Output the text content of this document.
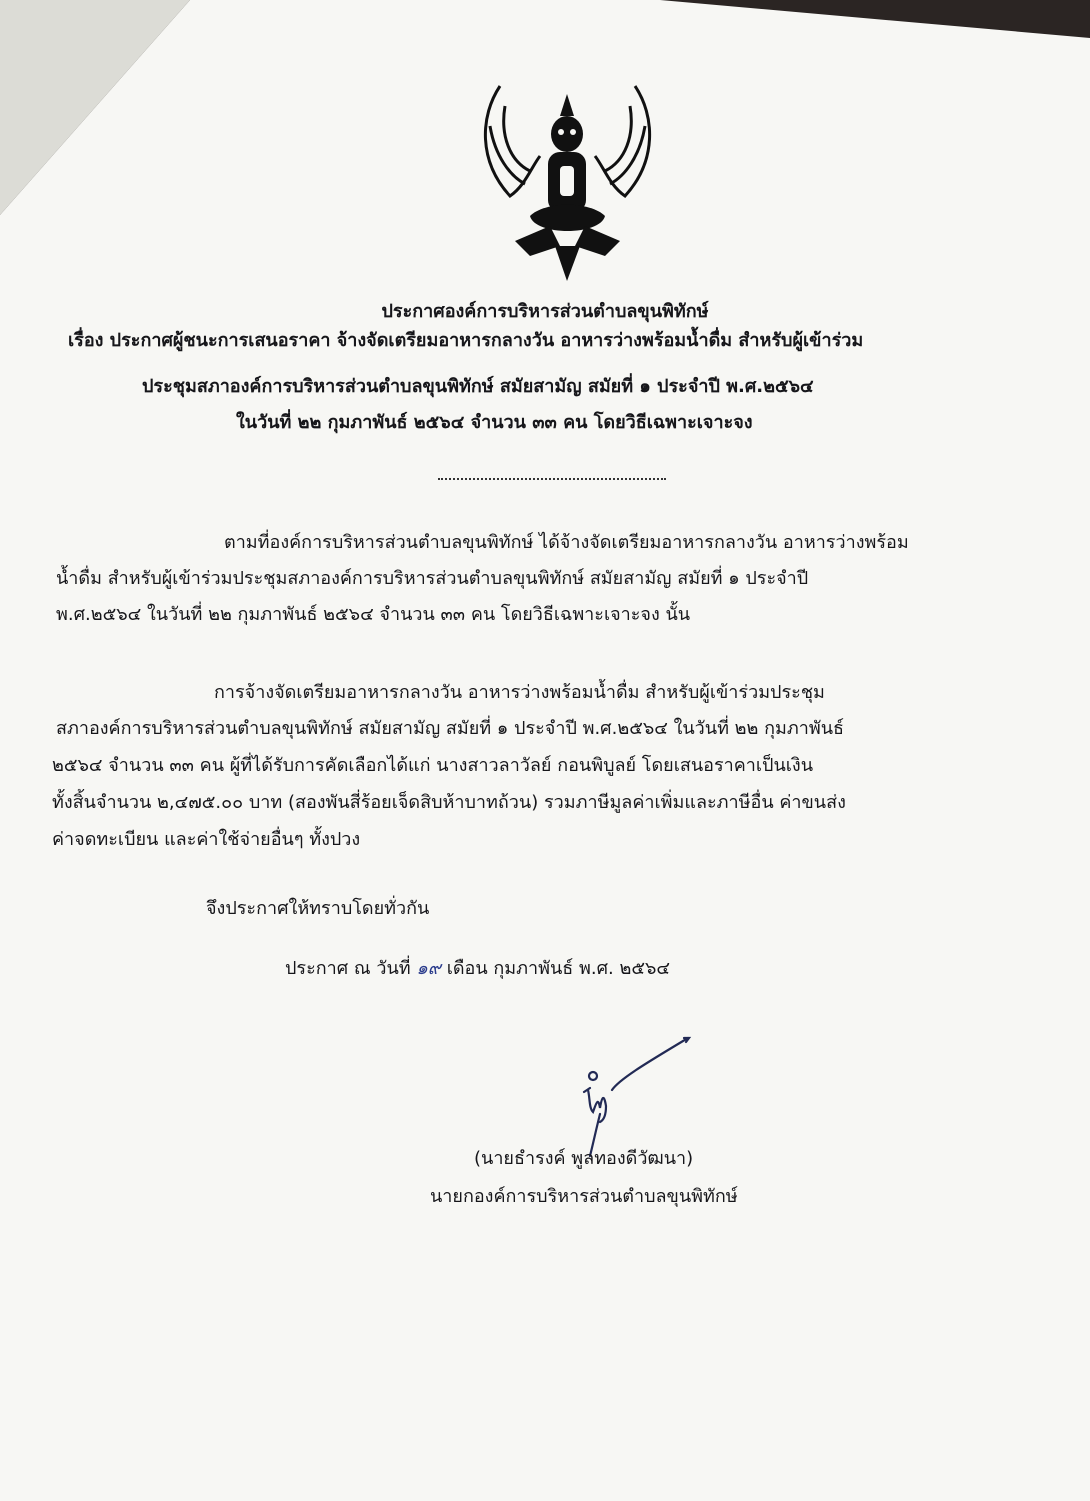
ประกาศองค์การบริหารส่วนตำบลขุนพิทักษ์
เรื่อง ประกาศผู้ชนะการเสนอราคา จ้างจัดเตรียมอาหารกลางวัน อาหารว่างพร้อมน้ำดื่ม สำหรับผู้เข้าร่วม
ประชุมสภาองค์การบริหารส่วนตำบลขุนพิทักษ์ สมัยสามัญ สมัยที่ ๑ ประจำปี พ.ศ.๒๕๖๔
ในวันที่ ๒๒ กุมภาพันธ์ ๒๕๖๔ จำนวน ๓๓ คน โดยวิธีเฉพาะเจาะจง
ตามที่องค์การบริหารส่วนตำบลขุนพิทักษ์ ได้จ้างจัดเตรียมอาหารกลางวัน อาหารว่างพร้อม
น้ำดื่ม สำหรับผู้เข้าร่วมประชุมสภาองค์การบริหารส่วนตำบลขุนพิทักษ์ สมัยสามัญ สมัยที่ ๑ ประจำปี
พ.ศ.๒๕๖๔ ในวันที่ ๒๒ กุมภาพันธ์ ๒๕๖๔ จำนวน ๓๓ คน โดยวิธีเฉพาะเจาะจง นั้น
การจ้างจัดเตรียมอาหารกลางวัน อาหารว่างพร้อมน้ำดื่ม สำหรับผู้เข้าร่วมประชุม
สภาองค์การบริหารส่วนตำบลขุนพิทักษ์ สมัยสามัญ สมัยที่ ๑ ประจำปี พ.ศ.๒๕๖๔ ในวันที่ ๒๒ กุมภาพันธ์
๒๕๖๔ จำนวน ๓๓ คน ผู้ที่ได้รับการคัดเลือกได้แก่ นางสาวลาวัลย์ กอนพิบูลย์ โดยเสนอราคาเป็นเงิน
ทั้งสิ้นจำนวน ๒,๔๗๕.๐๐ บาท (สองพันสี่ร้อยเจ็ดสิบห้าบาทถ้วน) รวมภาษีมูลค่าเพิ่มและภาษีอื่น ค่าขนส่ง
ค่าจดทะเบียน และค่าใช้จ่ายอื่นๆ ทั้งปวง
จึงประกาศให้ทราบโดยทั่วกัน
ประกาศ ณ วันที่ ๑๙ เดือน กุมภาพันธ์ พ.ศ. ๒๕๖๔
(นายธำรงค์ พูลทองดีวัฒนา)
นายกองค์การบริหารส่วนตำบลขุนพิทักษ์
